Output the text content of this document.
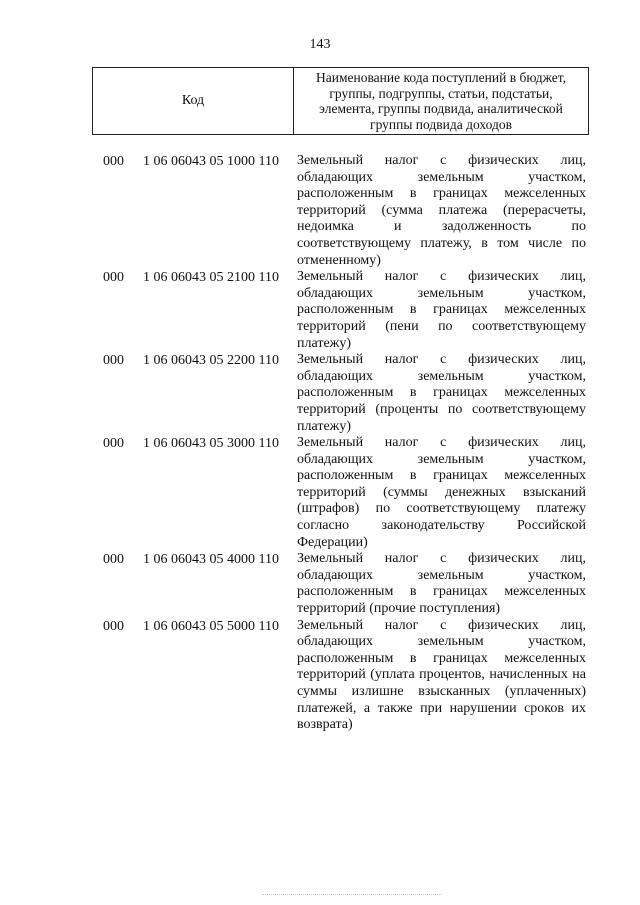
143
Код
Наименование кода поступлений в бюджет, группы, подгруппы, статьи, подстатьи, элемента, группы подвида, аналитической группы подвида доходов
000 1 06 06043 05 1000 110 Земельный налог с физических лиц, обладающих земельным участком, расположенным в границах межселенных территорий (сумма платежа (перерасчеты, недоимка и задолженность по соответствующему платежу, в том числе по отмененному)
000 1 06 06043 05 2100 110 Земельный налог с физических лиц, обладающих земельным участком, расположенным в границах межселенных территорий (пени по соответствующему платежу)
000 1 06 06043 05 2200 110 Земельный налог с физических лиц, обладающих земельным участком, расположенным в границах межселенных территорий (проценты по соответствующему платежу)
000 1 06 06043 05 3000 110 Земельный налог с физических лиц, обладающих земельным участком, расположенным в границах межселенных территорий (суммы денежных взысканий (штрафов) по соответствующему платежу согласно законодательству Российской Федерации)
000 1 06 06043 05 4000 110 Земельный налог с физических лиц, обладающих земельным участком, расположенным в границах межселенных территорий (прочие поступления)
000 1 06 06043 05 5000 110 Земельный налог с физических лиц, обладающих земельным участком, расположенным в границах межселенных территорий (уплата процентов, начисленных на суммы излишне взысканных (уплаченных) платежей, а также при нарушении сроков их возврата)
